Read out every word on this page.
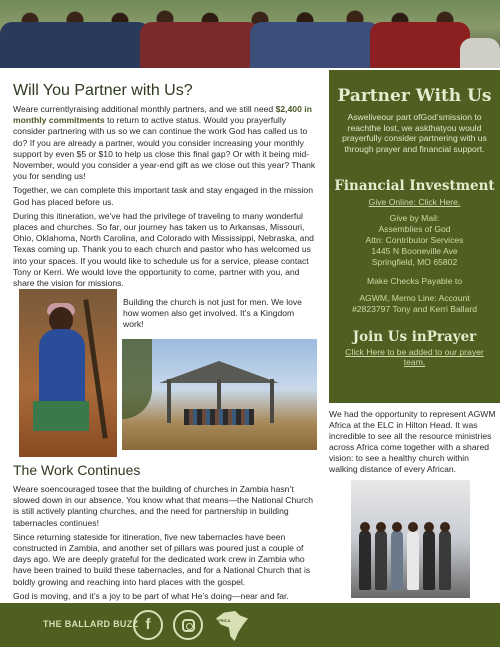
Will You Partner with Us?

Weare currentlyraising additional monthly partners, and we still need $2,400 in monthly commitments to return to active status. Would you prayerfully consider partnering with us so we can continue the work God has called us to do? If you are already a partner, would you consider increasing your monthly support by even $5 or $10 to help us close this final gap? Or with it being mid- November, would you consider a year-end gift as we close out this year? Thank you for sending us!

Together, we can complete this important task and stay engaged in the mission God has placed before us.

During this itineration, we’ve had the privilege of traveling to many wonderful places and churches. So far, our journey has taken us to Arkansas, Missouri, Ohio, Oklahoma, North Carolina, and Colorado with Mississippi, Nebraska, and Texas coming up. Thank you to each church and pastor who has welcomed us into your spaces. If you would like to schedule us for a service, please contact Tony or Kerri. We would love the opportunity to come, partner with you, and share the vision for missions.

Partner With Us
Asweliveour part ofGod’smission to reachthe lost, we askthatyou would prayerfully consider partnering with us through prayer and financial support.
Financial Investment
Give Online: Click Here.
Give by Mail:
Assemblies of God
Attn: Contributor Services
1445 N Booneville Ave
Springfield, MO 65802
Make Checks Payable to
AGWM, Memo Line: Account #2823797 Tony and Kerri Ballard
Join Us inPrayer
Click Here to be added to our prayer team.

Building the church is not just for men. We love how women also get involved. It's a Kingdom work!

We had the opportunity to represent AGWM Africa at the ELC in Hilton Head. It was incredible to see all the resource ministries across Africa come together with a shared vision: to see a healthy church within walking distance of every African.

The Work Continues

Weare soencouraged tosee that the building of churches in Zambia hasn’t slowed down in our absence. You know what that means—the National Church is still actively planting churches, and the need for partnership in building tabernacles continues!

Since returning stateside for itineration, five new tabernacles have been constructed in Zambia, and another set of pillars was poured just a couple of days ago. We are deeply grateful for the dedicated work crew in Zambia who have been trained to build these tabernacles, and for a National Church that is boldly growing and reaching into hard places with the gospel.

God is moving, and it’s a joy to be part of what He’s doing—near and far.

THE BALLARD BUZZ f	AFRICA
